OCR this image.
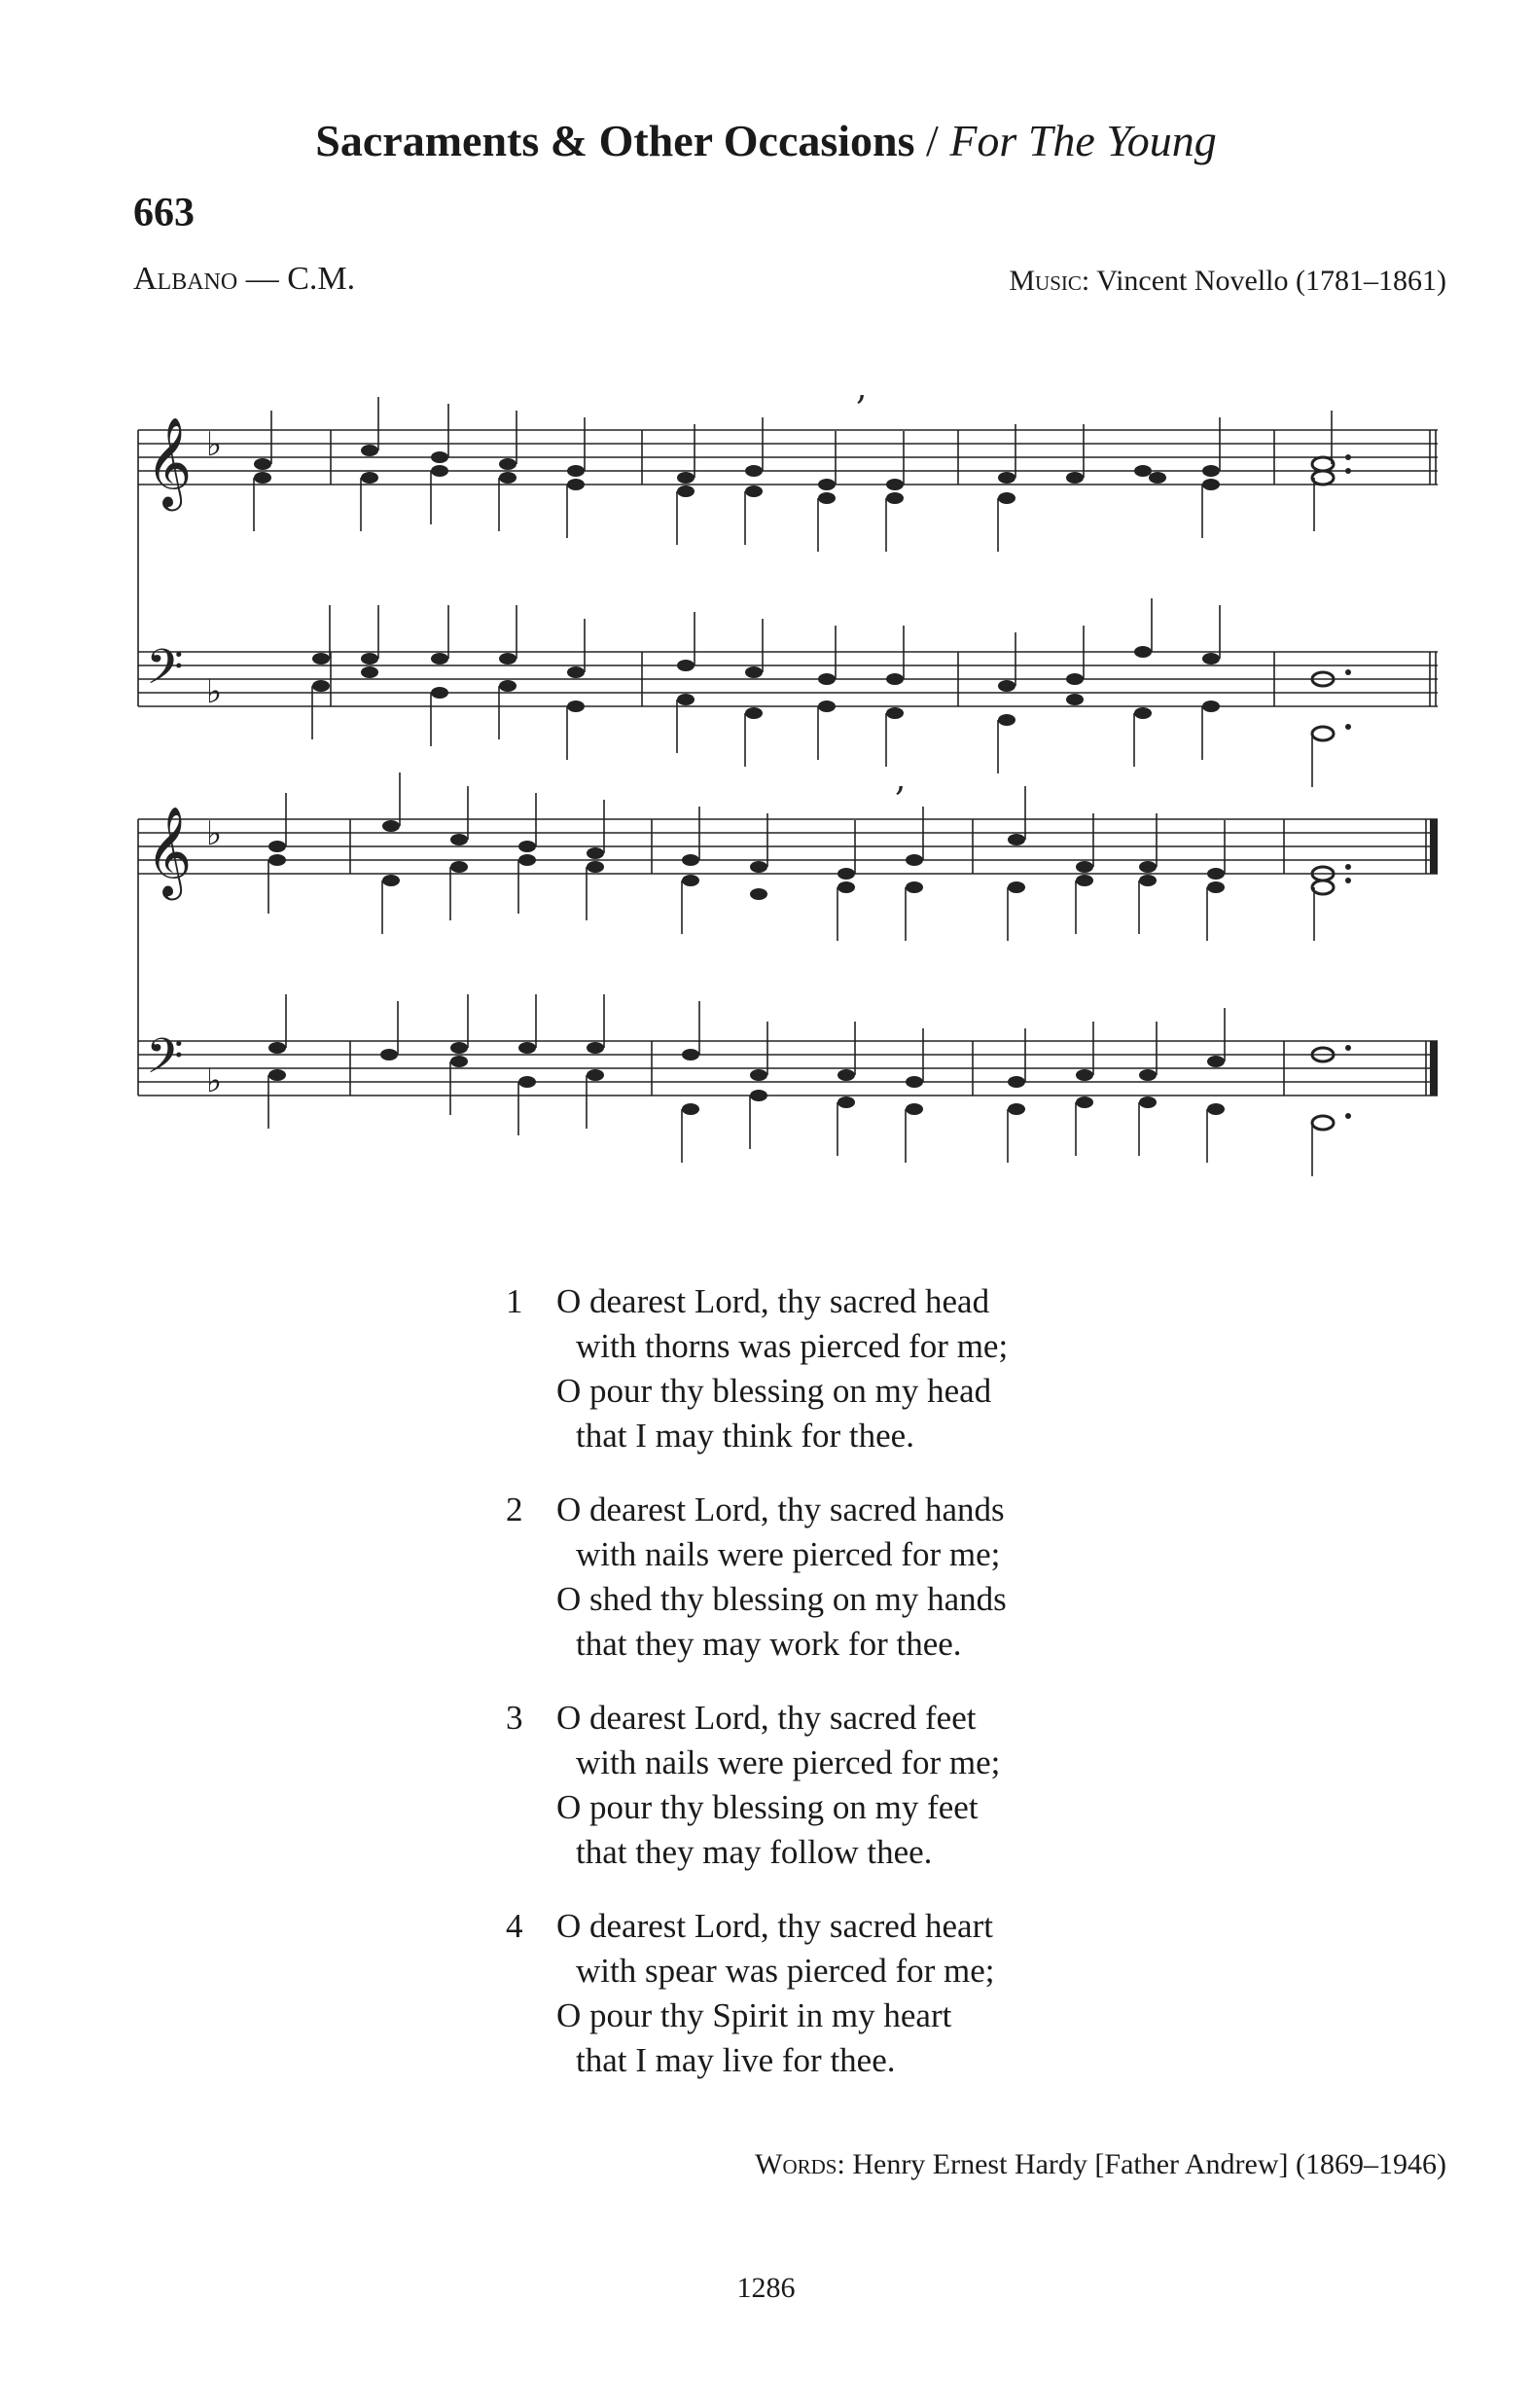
Sacraments & Other Occasions / For The Young
663
Albano — C.M.	Music: Vincent Novello (1781–1861)
𝄞
𝄢
𝄞
𝄢
♭
♭
♭
♭
,
,
1 O dearest Lord, thy sacred head
with thorns was pierced for me;
O pour thy blessing on my head
that I may think for thee.
2 O dearest Lord, thy sacred hands
with nails were pierced for me;
O shed thy blessing on my hands
that they may work for thee.
3 O dearest Lord, thy sacred feet
with nails were pierced for me;
O pour thy blessing on my feet
that they may follow thee.
4 O dearest Lord, thy sacred heart
with spear was pierced for me;
O pour thy Spirit in my heart
that I may live for thee.
Words: Henry Ernest Hardy [Father Andrew] (1869–1946)
1286
